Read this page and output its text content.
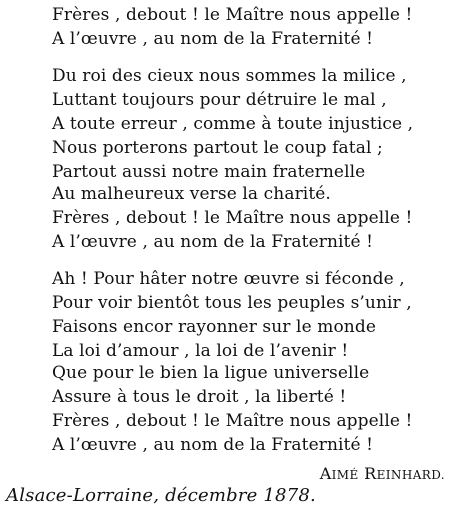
Frères , debout ! le Maître nous appelle !
A l’œuvre , au nom de la Fraternité !
Du roi des cieux nous sommes la milice ,
Luttant toujours pour détruire le mal ,
A toute erreur , comme à toute injustice ,
Nous porterons partout le coup fatal ;
Partout aussi notre main fraternelle
Au malheureux verse la charité.
Frères , debout ! le Maître nous appelle !
A l’œuvre , au nom de la Fraternité !
Ah ! Pour hâter notre œuvre si féconde ,
Pour voir bientôt tous les peuples s’unir ,
Faisons encor rayonner sur le monde
La loi d’amour , la loi de l’avenir !
Que pour le bien la ligue universelle
Assure à tous le droit , la liberté !
Frères , debout ! le Maître nous appelle !
A l’œuvre , au nom de la Fraternité !
AIMÉ REINHARD.
Alsace-Lorraine, décembre 1878.
